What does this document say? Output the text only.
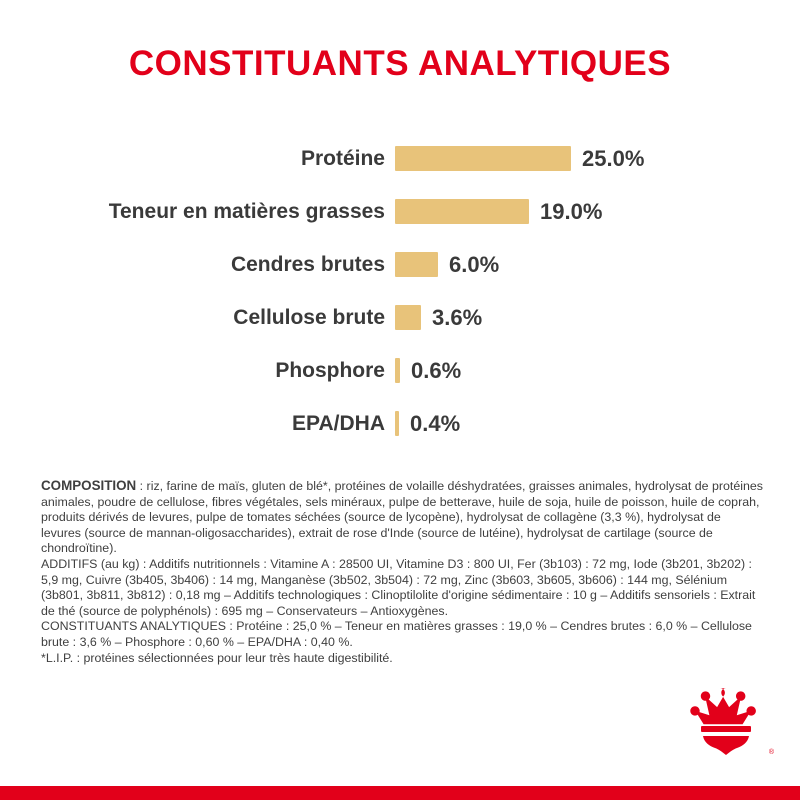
CONSTITUANTS ANALYTIQUES
Protéine	25.0%
Teneur en matières grasses	19.0%
Cendres brutes	6.0%
Cellulose brute	3.6%
Phosphore	0.6%
EPA/DHA	0.4%

COMPOSITION : riz, farine de maïs, gluten de blé*, protéines de volaille déshydratées, graisses animales, hydrolysat de protéines animales, poudre de cellulose, fibres végétales, sels minéraux, pulpe de betterave, huile de soja, huile de poisson, huile de coprah, produits dérivés de levures, pulpe de tomates séchées (source de lycopène), hydrolysat de collagène (3,3 %), hydrolysat de levures (source de mannan-oligosaccharides), extrait de rose d'Inde (source de lutéine), hydrolysat de cartilage (source de chondroïtine).

ADDITIFS (au kg) : Additifs nutritionnels : Vitamine A : 28500 UI, Vitamine D3 : 800 UI, Fer (3b103) : 72 mg, Iode (3b201, 3b202) : 5,9 mg, Cuivre (3b405, 3b406) : 14 mg, Manganèse (3b502, 3b504) : 72 mg, Zinc (3b603, 3b605, 3b606) : 144 mg, Sélénium (3b801, 3b811, 3b812) : 0,18 mg – Additifs technologiques : Clinoptilolite d'origine sédimentaire : 10 g – Additifs sensoriels : Extrait de thé (source de polyphénols) : 695 mg – Conservateurs – Antioxygènes.

CONSTITUANTS ANALYTIQUES : Protéine : 25,0 % – Teneur en matières grasses : 19,0 % – Cendres brutes : 6,0 % – Cellulose brute : 3,6 % – Phosphore : 0,60 % – EPA/DHA : 0,40 %.

*L.I.P. : protéines sélectionnées pour leur très haute digestibilité.

®
